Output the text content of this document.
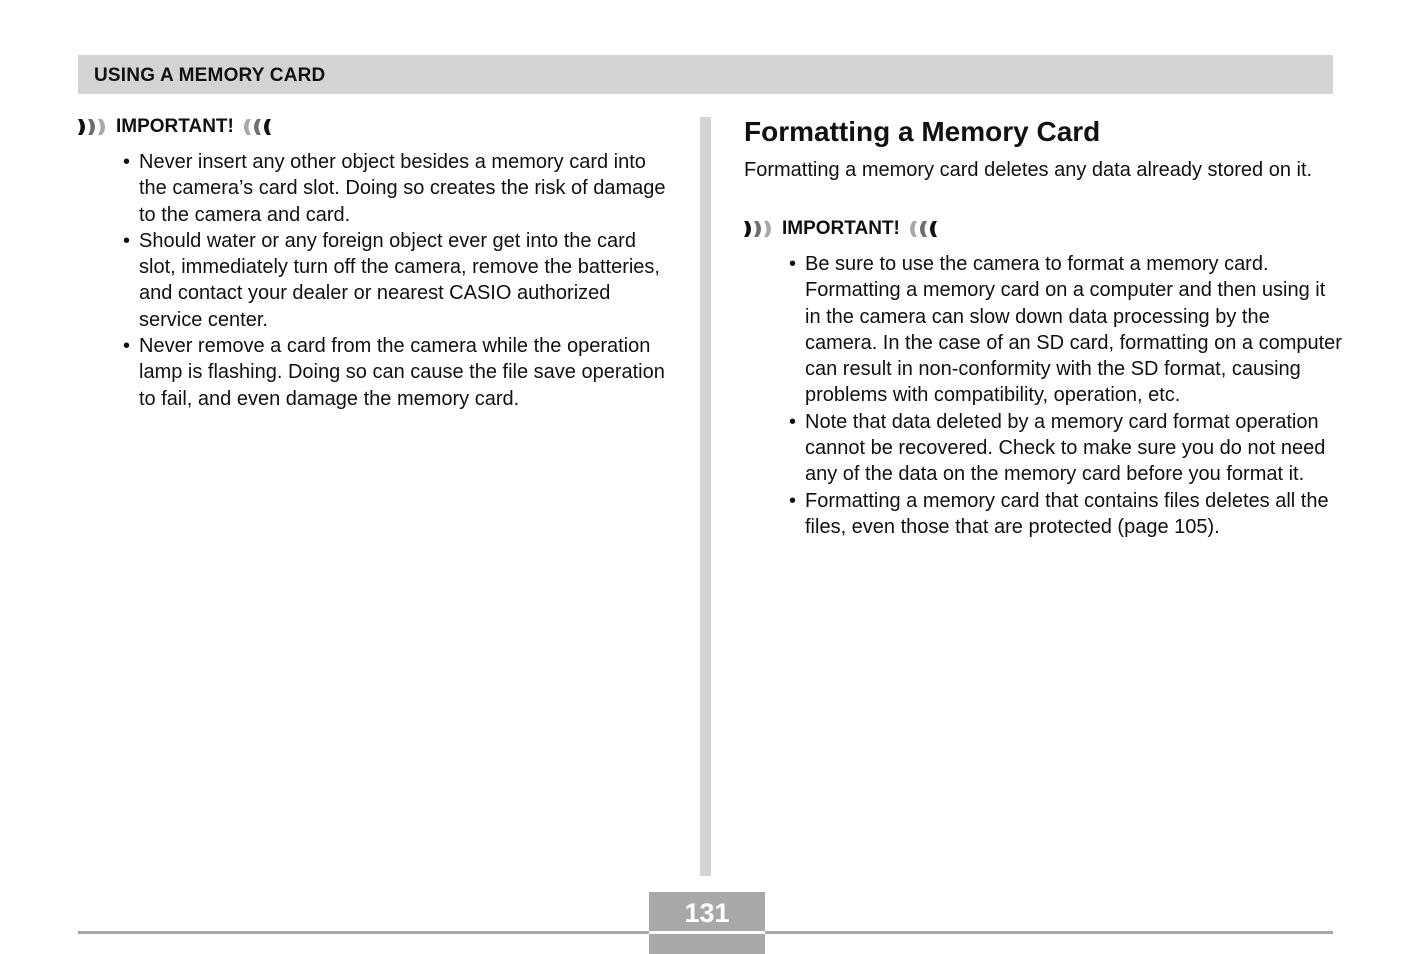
USING A MEMORY CARD
IMPORTANT!
• Never insert any other object besides a memory card into the camera’s card slot. Doing so creates the risk of damage to the camera and card.
• Should water or any foreign object ever get into the card slot, immediately turn off the camera, remove the batteries, and contact your dealer or nearest CASIO authorized service center.
• Never remove a card from the camera while the operation lamp is flashing. Doing so can cause the file save operation to fail, and even damage the memory card.
Formatting a Memory Card

Formatting a memory card deletes any data already stored on it.

IMPORTANT!
• Be sure to use the camera to format a memory card. Formatting a memory card on a computer and then using it in the camera can slow down data processing by the camera. In the case of an SD card, formatting on a computer can result in non-conformity with the SD format, causing problems with compatibility, operation, etc.
• Note that data deleted by a memory card format operation cannot be recovered. Check to make sure you do not need any of the data on the memory card before you format it.
• Formatting a memory card that contains files deletes all the files, even those that are protected (page 105).
131
